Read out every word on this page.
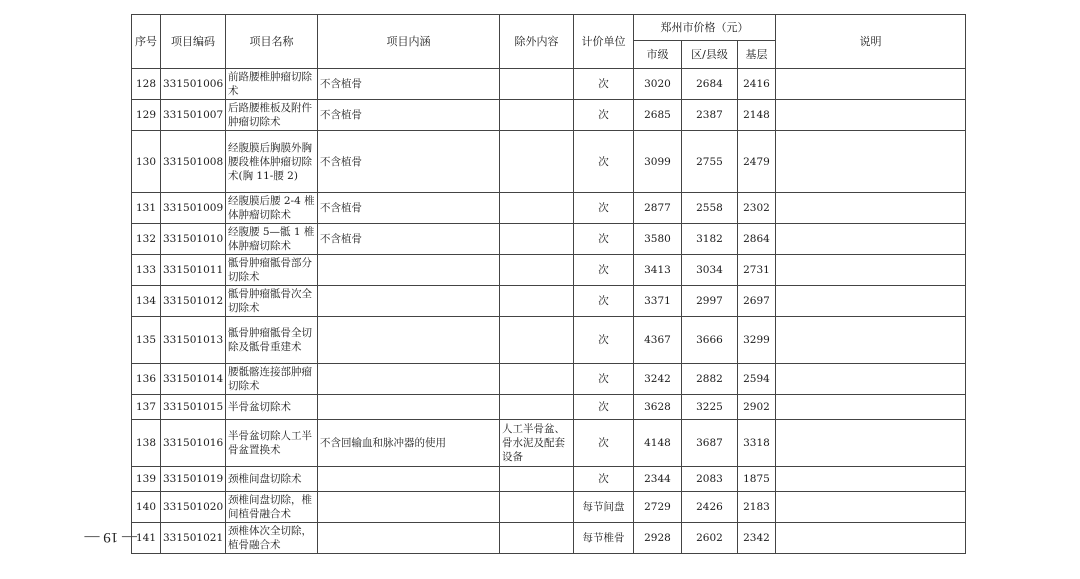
— 19 —
序号	项目编码	项目名称	项目内涵	除外内容	计价单位	郑州市价格（元）			说明
						市级	区/县级	基层	
128	331501006	前路腰椎肿瘤切除术	不含植骨		次	3020	2684	2416	
129	331501007	后路腰椎板及附件肿瘤切除术	不含植骨		次	2685	2387	2148	
130	331501008	经腹膜后胸膜外胸腰段椎体肿瘤切除术(胸 11-腰 2)	不含植骨		次	3099	2755	2479	
131	331501009	经腹膜后腰 2-4 椎体肿瘤切除术	不含植骨		次	2877	2558	2302	
132	331501010	经腹腰 5—骶 1 椎体肿瘤切除术	不含植骨		次	3580	3182	2864	
133	331501011	骶骨肿瘤骶骨部分切除术			次	3413	3034	2731	
134	331501012	骶骨肿瘤骶骨次全切除术			次	3371	2997	2697	
135	331501013	骶骨肿瘤骶骨全切除及骶骨重建术			次	4367	3666	3299	
136	331501014	腰骶髂连接部肿瘤切除术			次	3242	2882	2594	
137	331501015	半骨盆切除术			次	3628	3225	2902	
138	331501016	半骨盆切除人工半骨盆置换术	不含回输血和脉冲器的使用	人工半骨盆、骨水泥及配套设备	次	4148	3687	3318	
139	331501019	颈椎间盘切除术			次	2344	2083	1875	
140	331501020	颈椎间盘切除，椎间植骨融合术			每节间盘	2729	2426	2183	
141	331501021	颈椎体次全切除，植骨融合术			每节椎骨	2928	2602	2342	
